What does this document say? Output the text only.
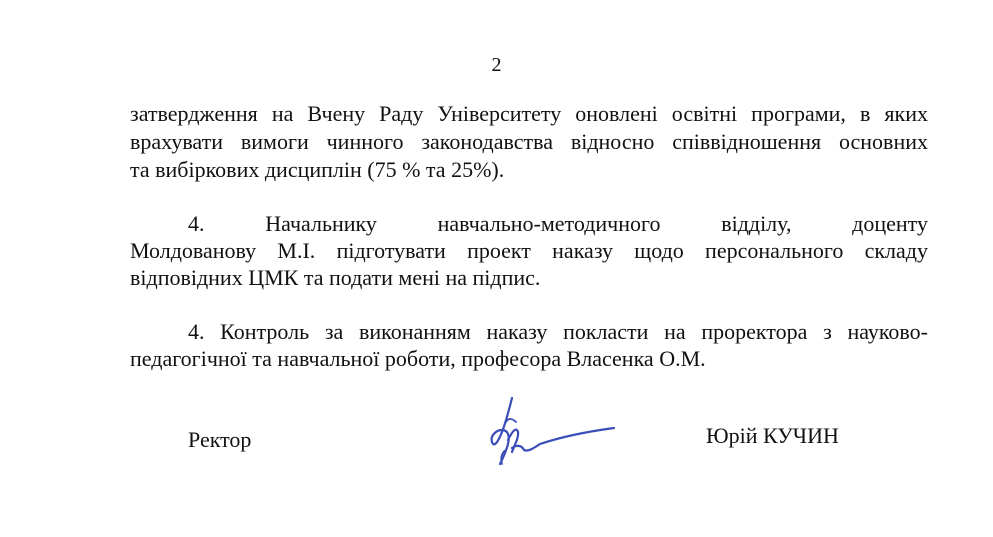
2
затвердження на Вчену Раду Університету оновлені освітні програми, в яких
врахувати вимоги чинного законодавства відносно співвідношення основних
та вибіркових дисциплін (75 % та 25%).
4.	Начальнику	навчально-методичного	відділу,	доценту
Молдованову М.І. підготувати проект наказу щодо персонального складу
відповідних ЦМК та подати мені на підпис.
4. Контроль за виконанням наказу покласти на проректора з науково-
педагогічної та навчальної роботи, професора Власенка О.М.
Ректор	Юрій КУЧИН
